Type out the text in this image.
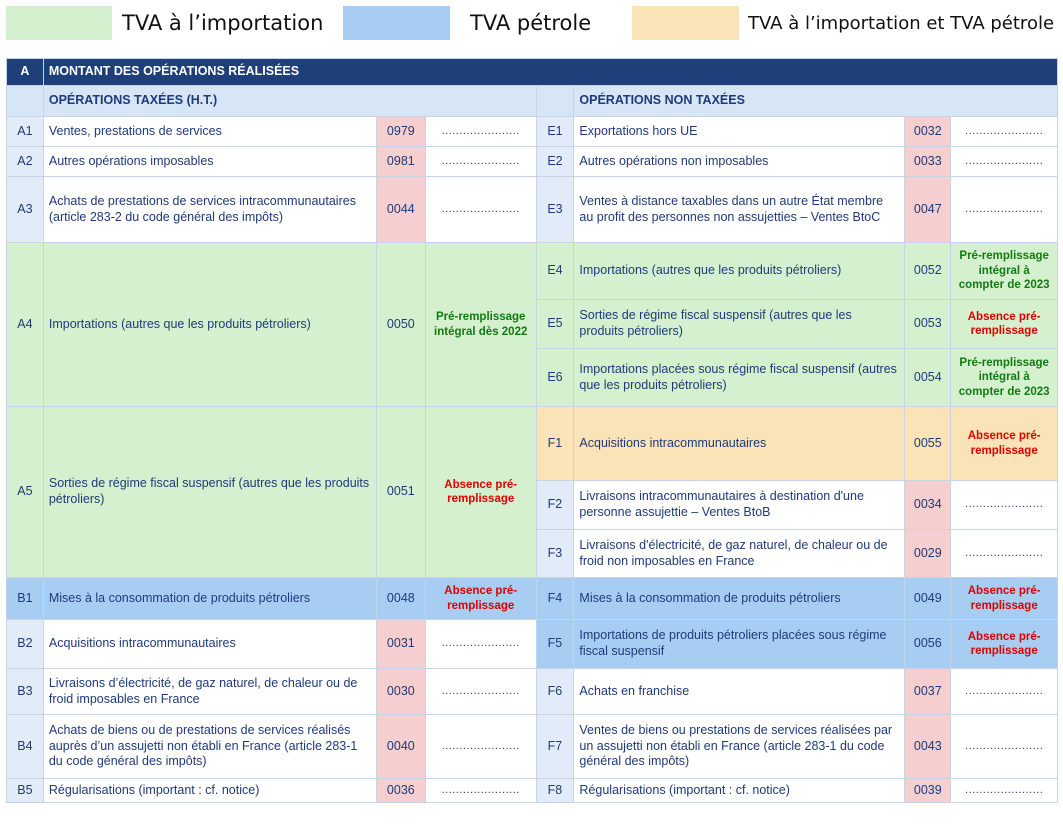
TVA à l’importation	TVA pétrole	TVA à l’importation et TVA pétrole
A	MONTANT DES OPÉRATIONS RÉALISÉES						
	OPÉRATIONS TAXÉES (H.T.)				OPÉRATIONS NON TAXÉES		
A1	Ventes, prestations de services	0979	......................	E1	Exportations hors UE	0032	......................
A2	Autres opérations imposables	0981	......................	E2	Autres opérations non imposables	0033	......................
A3	Achats de prestations de services intracommunautaires (article 283-2 du code général des impôts)	0044	......................	E3	Ventes à distance taxables dans un autre État membre au profit des personnes non assujetties – Ventes BtoC	0047	......................
A4	Importations (autres que les produits pétroliers)	0050	Pré-remplissage intégral dès 2022	E4	Importations (autres que les produits pétroliers)	0052	Pré-remplissage intégral à compter de 2023
				E5	Sorties de régime fiscal suspensif (autres que les produits pétroliers)	0053	Absence pré-remplissage
				E6	Importations placées sous régime fiscal suspensif (autres que les produits pétroliers)	0054	Pré-remplissage intégral à compter de 2023
A5	Sorties de régime fiscal suspensif (autres que les produits pétroliers)	0051	Absence pré-remplissage	F1	Acquisitions intracommunautaires	0055	Absence pré-remplissage
				F2	Livraisons intracommunautaires à destination d'une personne assujettie – Ventes BtoB	0034	......................
				F3	Livraisons d'électricité, de gaz naturel, de chaleur ou de froid non imposables en France	0029	......................
B1	Mises à la consommation de produits pétroliers	0048	Absence pré-remplissage	F4	Mises à la consommation de produits pétroliers	0049	Absence pré-remplissage
B2	Acquisitions intracommunautaires	0031	......................	F5	Importations de produits pétroliers placées sous régime fiscal suspensif	0056	Absence pré-remplissage
B3	Livraisons d’électricité, de gaz naturel, de chaleur ou de froid imposables en France	0030	......................	F6	Achats en franchise	0037	......................
B4	Achats de biens ou de prestations de services réalisés auprès d’un assujetti non établi en France (article 283-1 du code général des impôts)	0040	......................	F7	Ventes de biens ou prestations de services réalisées par un assujetti non établi en France (article 283-1 du code général des impôts)	0043	......................
B5	Régularisations (important : cf. notice)	0036	......................	F8	Régularisations (important : cf. notice)	0039	......................
